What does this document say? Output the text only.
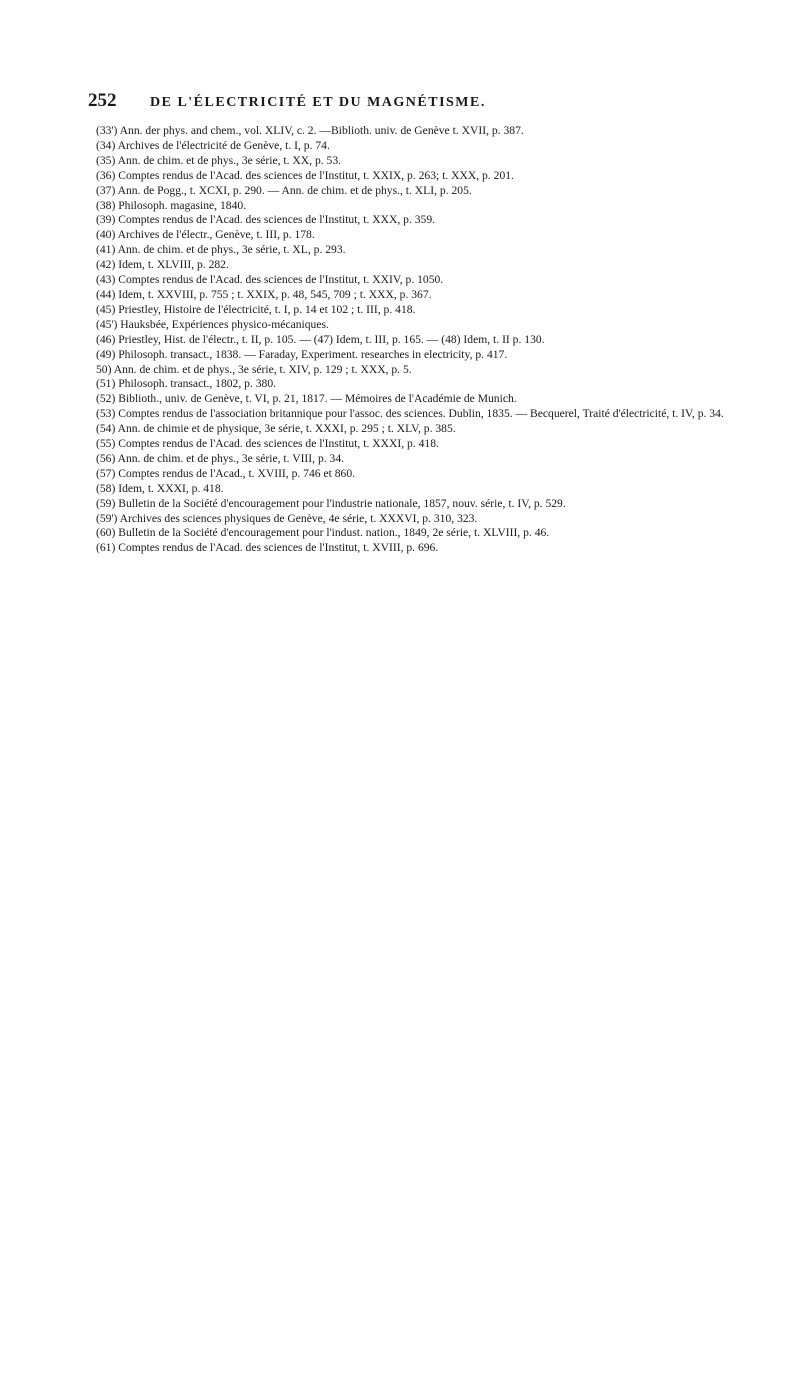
252	DE L'ÉLECTRICITÉ ET DU MAGNÉTISME.

(33') Ann. der phys. and chem., vol. XLIV, c. 2. —Biblioth. univ. de Genève t. XVII, p. 387.

(34) Archives de l'électricité de Genève, t. I, p. 74.

(35) Ann. de chim. et de phys., 3e série, t. XX, p. 53.

(36) Comptes rendus de l'Acad. des sciences de l'Institut, t. XXIX, p. 263; t. XXX, p. 201.

(37) Ann. de Pogg., t. XCXI, p. 290. — Ann. de chim. et de phys., t. XLI, p. 205.

(38) Philosoph. magasine, 1840.

(39) Comptes rendus de l'Acad. des sciences de l'Institut, t. XXX, p. 359.

(40) Archives de l'électr., Genève, t. III, p. 178.

(41) Ann. de chim. et de phys., 3e série, t. XL, p. 293.

(42) Idem, t. XLVIII, p. 282.

(43) Comptes rendus de l'Acad. des sciences de l'Institut, t. XXIV, p. 1050.

(44) Idem, t. XXVIII, p. 755 ; t. XXIX, p. 48, 545, 709 ; t. XXX, p. 367.

(45) Priestley, Histoire de l'électricité, t. I, p. 14 et 102 ; t. III, p. 418.

(45') Hauksbée, Expériences physico-mécaniques.

(46) Priestley, Hist. de l'électr., t. II, p. 105. — (47) Idem, t. III, p. 165. — (48) Idem, t. II p. 130.

(49) Philosoph. transact., 1838. — Faraday, Experiment. researches in electricity, p. 417.

50) Ann. de chim. et de phys., 3e série, t. XIV, p. 129 ; t. XXX, p. 5.

(51) Philosoph. transact., 1802, p. 380.

(52) Biblioth., univ. de Genève, t. VI, p. 21, 1817. — Mémoires de l'Académie de Munich.

(53) Comptes rendus de l'association britannique pour l'assoc. des sciences. Dublin, 1835. — Becquerel, Traité d'électricité, t. IV, p. 34.

(54) Ann. de chimie et de physique, 3e série, t. XXXI, p. 295 ; t. XLV, p. 385.

(55) Comptes rendus de l'Acad. des sciences de l'Institut, t. XXXI, p. 418.

(56) Ann. de chim. et de phys., 3e série, t. VIII, p. 34.

(57) Comptes rendus de l'Acad., t. XVIII, p. 746 et 860.

(58) Idem, t. XXXI, p. 418.

(59) Bulletin de la Société d'encouragement pour l'industrie nationale, 1857, nouv. série, t. IV, p. 529.

(59') Archives des sciences physiques de Genève, 4e série, t. XXXVI, p. 310, 323.

(60) Bulletin de la Société d'encouragement pour l'indust. nation., 1849, 2e série, t. XLVIII, p. 46.

(61) Comptes rendus de l'Acad. des sciences de l'Institut, t. XVIII, p. 696.
